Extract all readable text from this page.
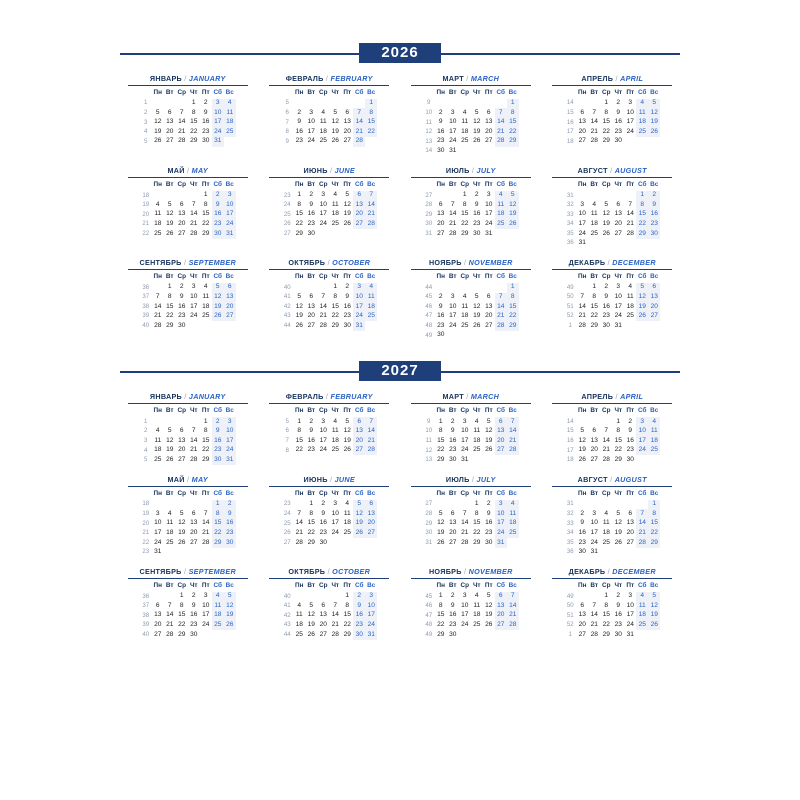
2026
ЯНВАРЬ / JANUARY
	Пн	Вт	Ср	Чт	Пт	Сб	Вс
1				1	2	3	4
2	5	6	7	8	9	10	11
3	12	13	14	15	16	17	18
4	19	20	21	22	23	24	25
5	26	27	28	29	30	31	
ФЕВРАЛЬ / FEBRUARY
	Пн	Вт	Ср	Чт	Пт	Сб	Вс
5							1
6	2	3	4	5	6	7	8
7	9	10	11	12	13	14	15
8	16	17	18	19	20	21	22
9	23	24	25	26	27	28	
МАРТ / MARCH
	Пн	Вт	Ср	Чт	Пт	Сб	Вс
9							1
10	2	3	4	5	6	7	8
11	9	10	11	12	13	14	15
12	16	17	18	19	20	21	22
13	23	24	25	26	27	28	29
14	30	31					
АПРЕЛЬ / APRIL
	Пн	Вт	Ср	Чт	Пт	Сб	Вс
14			1	2	3	4	5
15	6	7	8	9	10	11	12
16	13	14	15	16	17	18	19
17	20	21	22	23	24	25	26
18	27	28	29	30			
МАЙ / MAY
	Пн	Вт	Ср	Чт	Пт	Сб	Вс
18					1	2	3
19	4	5	6	7	8	9	10
20	11	12	13	14	15	16	17
21	18	19	20	21	22	23	24
22	25	26	27	28	29	30	31
ИЮНЬ / JUNE
	Пн	Вт	Ср	Чт	Пт	Сб	Вс
23	1	2	3	4	5	6	7
24	8	9	10	11	12	13	14
25	15	16	17	18	19	20	21
26	22	23	24	25	26	27	28
27	29	30					
ИЮЛЬ / JULY
	Пн	Вт	Ср	Чт	Пт	Сб	Вс
27			1	2	3	4	5
28	6	7	8	9	10	11	12
29	13	14	15	16	17	18	19
30	20	21	22	23	24	25	26
31	27	28	29	30	31		
АВГУСТ / AUGUST
	Пн	Вт	Ср	Чт	Пт	Сб	Вс
31						1	2
32	3	4	5	6	7	8	9
33	10	11	12	13	14	15	16
34	17	18	19	20	21	22	23
35	24	25	26	27	28	29	30
36	31						
СЕНТЯБРЬ / SEPTEMBER
	Пн	Вт	Ср	Чт	Пт	Сб	Вс
36		1	2	3	4	5	6
37	7	8	9	10	11	12	13
38	14	15	16	17	18	19	20
39	21	22	23	24	25	26	27
40	28	29	30				
ОКТЯБРЬ / OCTOBER
	Пн	Вт	Ср	Чт	Пт	Сб	Вс
40				1	2	3	4
41	5	6	7	8	9	10	11
42	12	13	14	15	16	17	18
43	19	20	21	22	23	24	25
44	26	27	28	29	30	31	
НОЯБРЬ / NOVEMBER
	Пн	Вт	Ср	Чт	Пт	Сб	Вс
44							1
45	2	3	4	5	6	7	8
46	9	10	11	12	13	14	15
47	16	17	18	19	20	21	22
48	23	24	25	26	27	28	29
49	30						
ДЕКАБРЬ / DECEMBER
	Пн	Вт	Ср	Чт	Пт	Сб	Вс
49		1	2	3	4	5	6
50	7	8	9	10	11	12	13
51	14	15	16	17	18	19	20
52	21	22	23	24	25	26	27
1	28	29	30	31			
2027
ЯНВАРЬ / JANUARY
	Пн	Вт	Ср	Чт	Пт	Сб	Вс
1					1	2	3
2	4	5	6	7	8	9	10
3	11	12	13	14	15	16	17
4	18	19	20	21	22	23	24
5	25	26	27	28	29	30	31
ФЕВРАЛЬ / FEBRUARY
	Пн	Вт	Ср	Чт	Пт	Сб	Вс
5	1	2	3	4	5	6	7
6	8	9	10	11	12	13	14
7	15	16	17	18	19	20	21
8	22	23	24	25	26	27	28
МАРТ / MARCH
	Пн	Вт	Ср	Чт	Пт	Сб	Вс
9	1	2	3	4	5	6	7
10	8	9	10	11	12	13	14
11	15	16	17	18	19	20	21
12	22	23	24	25	26	27	28
13	29	30	31				
АПРЕЛЬ / APRIL
	Пн	Вт	Ср	Чт	Пт	Сб	Вс
14				1	2	3	4
15	5	6	7	8	9	10	11
16	12	13	14	15	16	17	18
17	19	20	21	22	23	24	25
18	26	27	28	29	30		
МАЙ / MAY
	Пн	Вт	Ср	Чт	Пт	Сб	Вс
18						1	2
19	3	4	5	6	7	8	9
20	10	11	12	13	14	15	16
21	17	18	19	20	21	22	23
22	24	25	26	27	28	29	30
23	31						
ИЮНЬ / JUNE
	Пн	Вт	Ср	Чт	Пт	Сб	Вс
23		1	2	3	4	5	6
24	7	8	9	10	11	12	13
25	14	15	16	17	18	19	20
26	21	22	23	24	25	26	27
27	28	29	30				
ИЮЛЬ / JULY
	Пн	Вт	Ср	Чт	Пт	Сб	Вс
27				1	2	3	4
28	5	6	7	8	9	10	11
29	12	13	14	15	16	17	18
30	19	20	21	22	23	24	25
31	26	27	28	29	30	31	
АВГУСТ / AUGUST
	Пн	Вт	Ср	Чт	Пт	Сб	Вс
31							1
32	2	3	4	5	6	7	8
33	9	10	11	12	13	14	15
34	16	17	18	19	20	21	22
35	23	24	25	26	27	28	29
36	30	31					
СЕНТЯБРЬ / SEPTEMBER
	Пн	Вт	Ср	Чт	Пт	Сб	Вс
36			1	2	3	4	5
37	6	7	8	9	10	11	12
38	13	14	15	16	17	18	19
39	20	21	22	23	24	25	26
40	27	28	29	30			
ОКТЯБРЬ / OCTOBER
	Пн	Вт	Ср	Чт	Пт	Сб	Вс
40					1	2	3
41	4	5	6	7	8	9	10
42	11	12	13	14	15	16	17
43	18	19	20	21	22	23	24
44	25	26	27	28	29	30	31
НОЯБРЬ / NOVEMBER
	Пн	Вт	Ср	Чт	Пт	Сб	Вс
45	1	2	3	4	5	6	7
46	8	9	10	11	12	13	14
47	15	16	17	18	19	20	21
48	22	23	24	25	26	27	28
49	29	30					
ДЕКАБРЬ / DECEMBER
	Пн	Вт	Ср	Чт	Пт	Сб	Вс
49			1	2	3	4	5
50	6	7	8	9	10	11	12
51	13	14	15	16	17	18	19
52	20	21	22	23	24	25	26
1	27	28	29	30	31		
